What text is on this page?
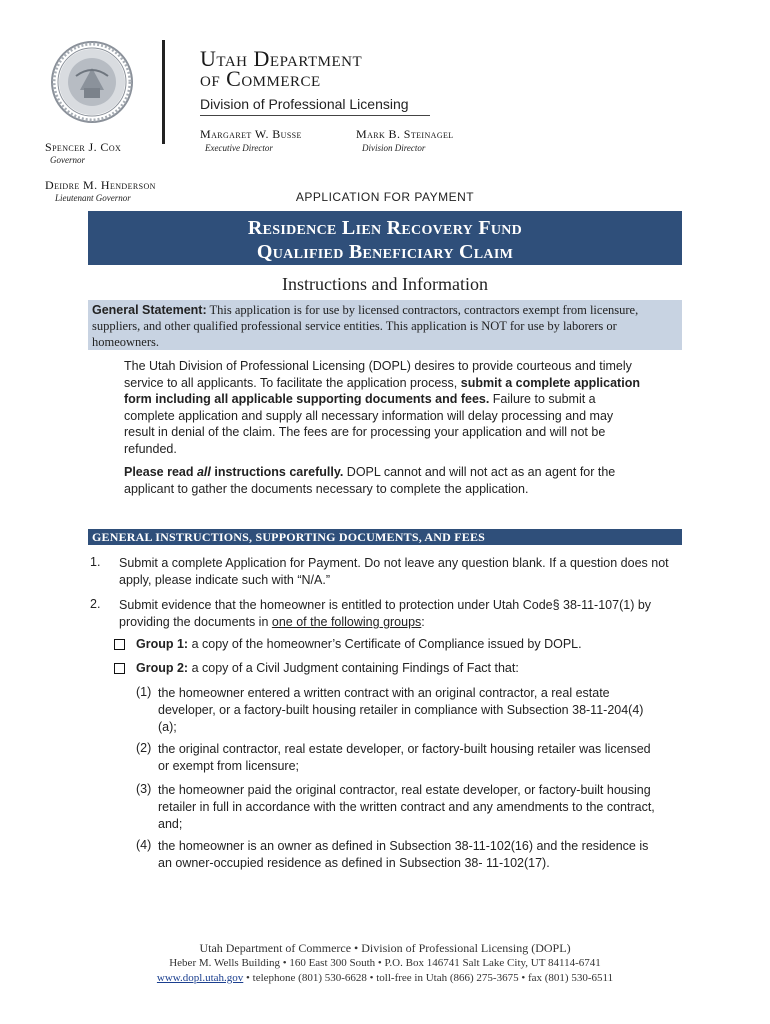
Utah Department
of Commerce
Division of Professional Licensing
Spencer J. Cox
Governor
Deidre M. Henderson
Lieutenant Governor
Margaret W. Busse
Executive Director
Mark B. Steinagel
Division Director
APPLICATION FOR PAYMENT
Residence Lien Recovery Fund
Qualified Beneficiary Claim
Instructions and Information
General Statement: This application is for use by licensed contractors, contractors exempt from licensure, suppliers, and other qualified professional service entities. This application is NOT for use by laborers or homeowners.
The Utah Division of Professional Licensing (DOPL) desires to provide courteous and timely service to all applicants. To facilitate the application process, submit a complete application form including all applicable supporting documents and fees. Failure to submit a complete application and supply all necessary information will delay processing and may result in denial of the claim. The fees are for processing your application and will not be refunded.
Please read all instructions carefully. DOPL cannot and will not act as an agent for the applicant to gather the documents necessary to complete the application.
GENERAL INSTRUCTIONS, SUPPORTING DOCUMENTS, AND FEES
1. Submit a complete Application for Payment. Do not leave any question blank. If a question does not apply, please indicate such with “N/A.”
2. Submit evidence that the homeowner is entitled to protection under Utah Code§ 38-11-107(1) by providing the documents in one of the following groups:
Group 1: a copy of the homeowner’s Certificate of Compliance issued by DOPL.
Group 2: a copy of a Civil Judgment containing Findings of Fact that:
(1) the homeowner entered a written contract with an original contractor, a real estate developer, or a factory-built housing retailer in compliance with Subsection 38-11-204(4)(a);
(2) the original contractor, real estate developer, or factory-built housing retailer was licensed or exempt from licensure;
(3) the homeowner paid the original contractor, real estate developer, or factory-built housing retailer in full in accordance with the written contract and any amendments to the contract, and;
(4) the homeowner is an owner as defined in Subsection 38-11-102(16) and the residence is an owner-occupied residence as defined in Subsection 38- 11-102(17).
Utah Department of Commerce • Division of Professional Licensing (DOPL)
Heber M. Wells Building • 160 East 300 South • P.O. Box 146741 Salt Lake City, UT 84114-6741
www.dopl.utah.gov • telephone (801) 530-6628 • toll-free in Utah (866) 275-3675 • fax (801) 530-6511
